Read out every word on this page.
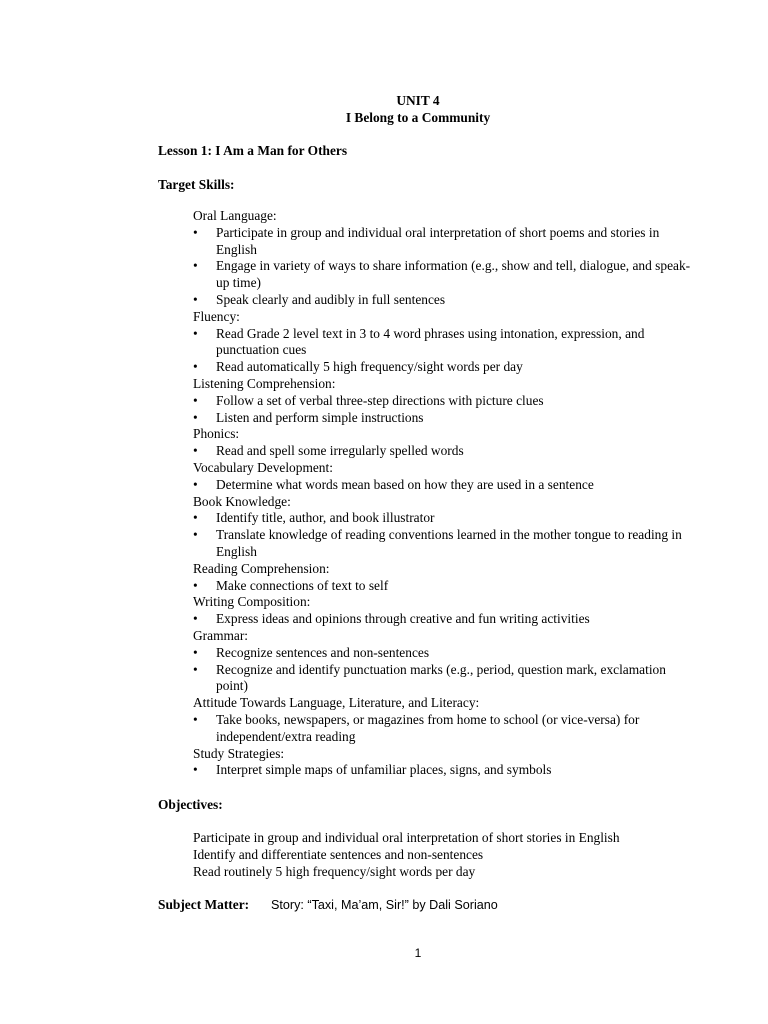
UNIT 4
I Belong to a Community
Lesson 1: I Am a Man for Others
Target Skills:
Oral Language:
• Participate in group and individual oral interpretation of short poems and stories in English
• Engage in variety of ways to share information (e.g., show and tell, dialogue, and speak-up time)
• Speak clearly and audibly in full sentences
Fluency:
• Read Grade 2 level text in 3 to 4 word phrases using intonation, expression, and punctuation cues
• Read automatically 5 high frequency/sight words per day
Listening Comprehension:
• Follow a set of verbal three-step directions with picture clues
• Listen and perform simple instructions
Phonics:
• Read and spell some irregularly spelled words
Vocabulary Development:
• Determine what words mean based on how they are used in a sentence
Book Knowledge:
• Identify title, author, and book illustrator
• Translate knowledge of reading conventions learned in the mother tongue to reading in English
Reading Comprehension:
• Make connections of text to self
Writing Composition:
• Express ideas and opinions through creative and fun writing activities
Grammar:
• Recognize sentences and non-sentences
• Recognize and identify punctuation marks (e.g., period, question mark, exclamation point)
Attitude Towards Language, Literature, and Literacy:
• Take books, newspapers, or magazines from home to school (or vice-versa) for independent/extra reading
Study Strategies:
• Interpret simple maps of unfamiliar places, signs, and symbols
Objectives:
Participate in group and individual oral interpretation of short stories in English
Identify and differentiate sentences and non-sentences
Read routinely 5 high frequency/sight words per day
Subject Matter: Story: “Taxi, Ma’am, Sir!” by Dali Soriano
1
